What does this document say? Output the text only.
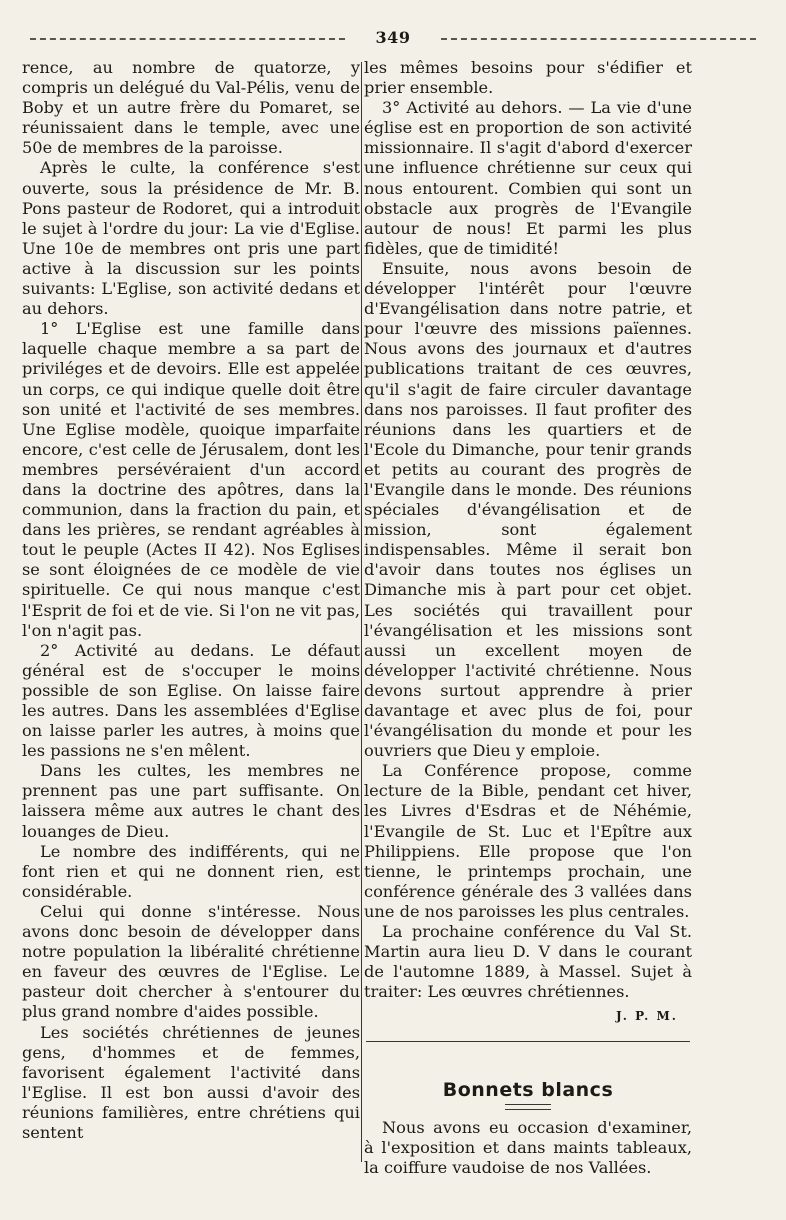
349

rence, au nombre de quatorze, y compris un delégué du Val-Pélis, venu de Boby et un autre frère du Pomaret, se réunissaient dans le temple, avec une 50e de membres de la paroisse.

Après le culte, la conférence s'est ouverte, sous la présidence de Mr. B. Pons pasteur de Rodoret, qui a introduit le sujet à l'ordre du jour: La vie d'Eglise. Une 10e de membres ont pris une part active à la discussion sur les points suivants: L'Eglise, son activité dedans et au dehors.

1° L'Eglise est une famille dans laquelle chaque membre a sa part de priviléges et de devoirs. Elle est appelée un corps, ce qui indique quelle doit être son unité et l'activité de ses membres. Une Eglise modèle, quoique imparfaite encore, c'est celle de Jérusalem, dont les membres persévéraient d'un accord dans la doctrine des apôtres, dans la communion, dans la fraction du pain, et dans les prières, se rendant agréables à tout le peuple (Actes II 42). Nos Eglises se sont éloignées de ce modèle de vie spirituelle. Ce qui nous manque c'est l'Esprit de foi et de vie. Si l'on ne vit pas, l'on n'agit pas.

2° Activité au dedans. Le défaut général est de s'occuper le moins possible de son Eglise. On laisse faire les autres. Dans les assemblées d'Eglise on laisse parler les autres, à moins que les passions ne s'en mêlent.

Dans les cultes, les membres ne prennent pas une part suffisante. On laissera même aux autres le chant des louanges de Dieu.

Le nombre des indifférents, qui ne font rien et qui ne donnent rien, est considérable.

Celui qui donne s'intéresse. Nous avons donc besoin de développer dans notre population la libéralité chrétienne en faveur des œuvres de l'Eglise. Le pasteur doit chercher à s'entourer du plus grand nombre d'aides possible.

Les sociétés chrétiennes de jeunes gens, d'hommes et de femmes, favorisent également l'activité dans l'Eglise. Il est bon aussi d'avoir des réunions familières, entre chrétiens qui sentent

les mêmes besoins pour s'édifier et prier ensemble.

3° Activité au dehors. — La vie d'une église est en proportion de son activité missionnaire. Il s'agit d'abord d'exercer une influence chrétienne sur ceux qui nous entourent. Combien qui sont un obstacle aux progrès de l'Evangile autour de nous! Et parmi les plus fidèles, que de timidité!

Ensuite, nous avons besoin de développer l'intérêt pour l'œuvre d'Evangélisation dans notre patrie, et pour l'œuvre des missions païennes. Nous avons des journaux et d'autres publications traitant de ces œuvres, qu'il s'agit de faire circuler davantage dans nos paroisses. Il faut profiter des réunions dans les quartiers et de l'Ecole du Dimanche, pour tenir grands et petits au courant des progrès de l'Evangile dans le monde. Des réunions spéciales d'évangélisation et de mission, sont également indispensables. Même il serait bon d'avoir dans toutes nos églises un Dimanche mis à part pour cet objet. Les sociétés qui travaillent pour l'évangélisation et les missions sont aussi un excellent moyen de développer l'activité chrétienne. Nous devons surtout apprendre à prier davantage et avec plus de foi, pour l'évangélisation du monde et pour les ouvriers que Dieu y emploie.

La Conférence propose, comme lecture de la Bible, pendant cet hiver, les Livres d'Esdras et de Néhémie, l'Evangile de St. Luc et l'Epître aux Philippiens. Elle propose que l'on tienne, le printemps prochain, une conférence générale des 3 vallées dans une de nos paroisses les plus centrales.

La prochaine conférence du Val St. Martin aura lieu D. V dans le courant de l'automne 1889, à Massel. Sujet à traiter: Les œuvres chrétiennes.

J. P. M.

Bonnets blancs

Nous avons eu occasion d'examiner, à l'exposition et dans maints tableaux, la coiffure vaudoise de nos Vallées.
